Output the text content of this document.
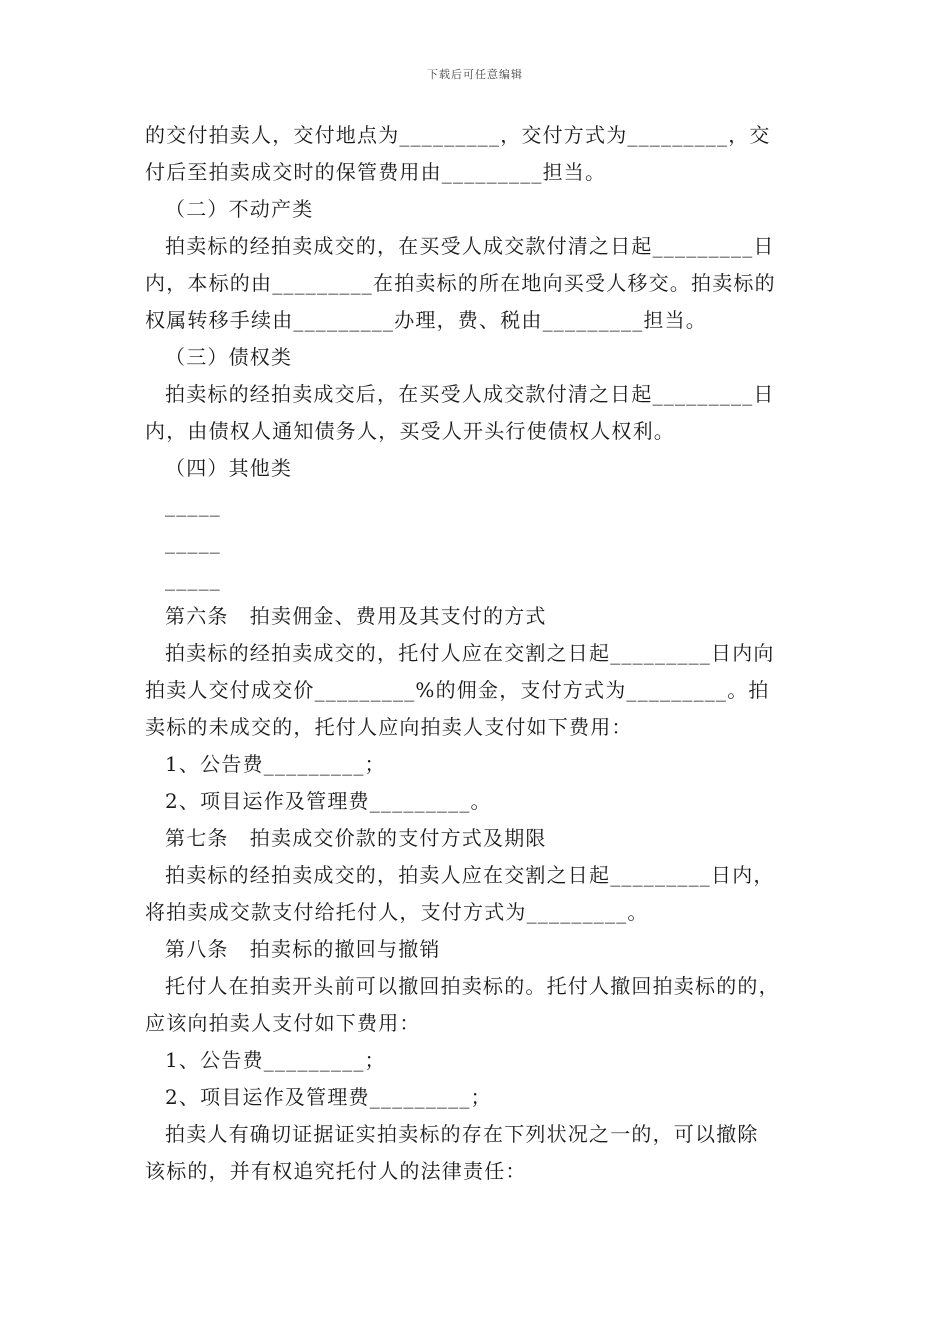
下载后可任意编辑
的交付拍卖人，交付地点为_________，交付方式为_________，交
付后至拍卖成交时的保管费用由_________担当。
（二）不动产类
拍卖标的经拍卖成交的，在买受人成交款付清之日起_________日
内，本标的由_________在拍卖标的所在地向买受人移交。拍卖标的
权属转移手续由_________办理，费、税由_________担当。
（三）债权类
拍卖标的经拍卖成交后，在买受人成交款付清之日起_________日
内，由债权人通知债务人，买受人开头行使债权人权利。
（四）其他类
_____
_____
_____
第六条　拍卖佣金、费用及其支付的方式
拍卖标的经拍卖成交的，托付人应在交割之日起_________日内向
拍卖人交付成交价_________%的佣金，支付方式为_________。拍
卖标的未成交的，托付人应向拍卖人支付如下费用：
1、公告费_________；
2、项目运作及管理费_________。
第七条　拍卖成交价款的支付方式及期限
拍卖标的经拍卖成交的，拍卖人应在交割之日起_________日内，
将拍卖成交款支付给托付人，支付方式为_________。
第八条　拍卖标的撤回与撤销
托付人在拍卖开头前可以撤回拍卖标的。托付人撤回拍卖标的的，
应该向拍卖人支付如下费用：
1、公告费_________；
2、项目运作及管理费_________；
拍卖人有确切证据证实拍卖标的存在下列状况之一的，可以撤除
该标的，并有权追究托付人的法律责任：
